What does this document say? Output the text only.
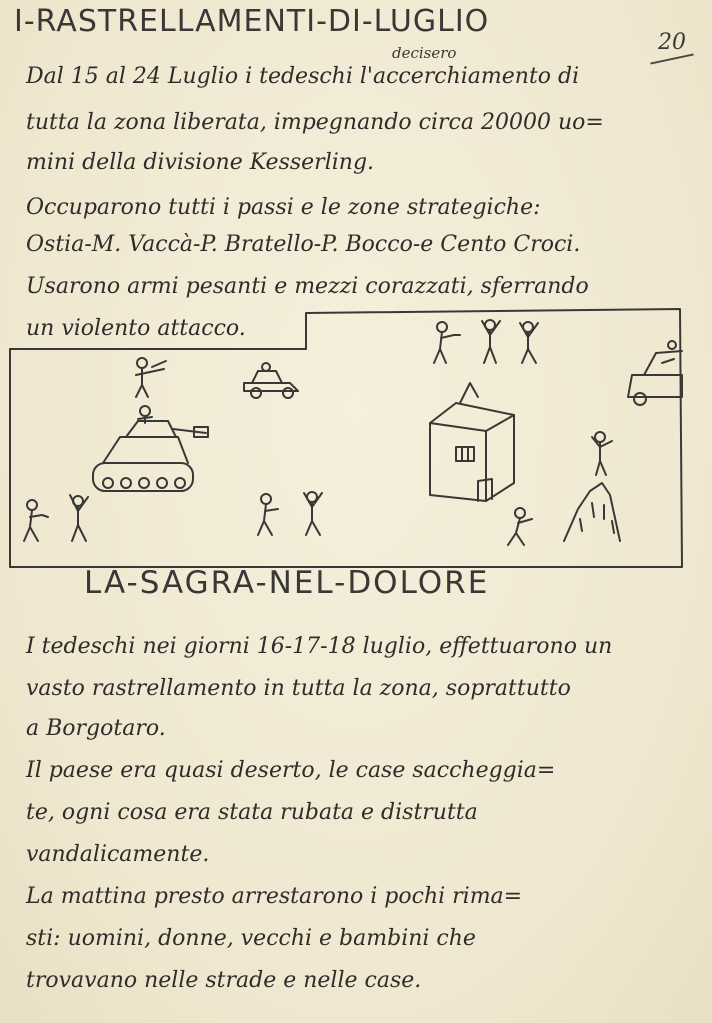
I-RASTRELLAMENTI-DI-LUGLIO
20
decisero
Dal 15 al 24 Luglio i tedeschi l'accerchiamento di
tutta la zona liberata, impegnando circa 20000 uo=
mini della divisione Kesserling.
Occuparono tutti i passi e le zone strategiche:
Ostia-M. Vaccà-P. Bratello-P. Bocco-e Cento Croci.
Usarono armi pesanti e mezzi corazzati, sferrando
un violento attacco.
LA-SAGRA-NEL-DOLORE
I tedeschi nei giorni 16-17-18 luglio, effettuarono un
vasto rastrellamento in tutta la zona, soprattutto
a Borgotaro.
Il paese era quasi deserto, le case saccheggia=
te, ogni cosa era stata rubata e distrutta
vandalicamente.
La mattina presto arrestarono i pochi rima=
sti: uomini, donne, vecchi e bambini che
trovavano nelle strade e nelle case.
